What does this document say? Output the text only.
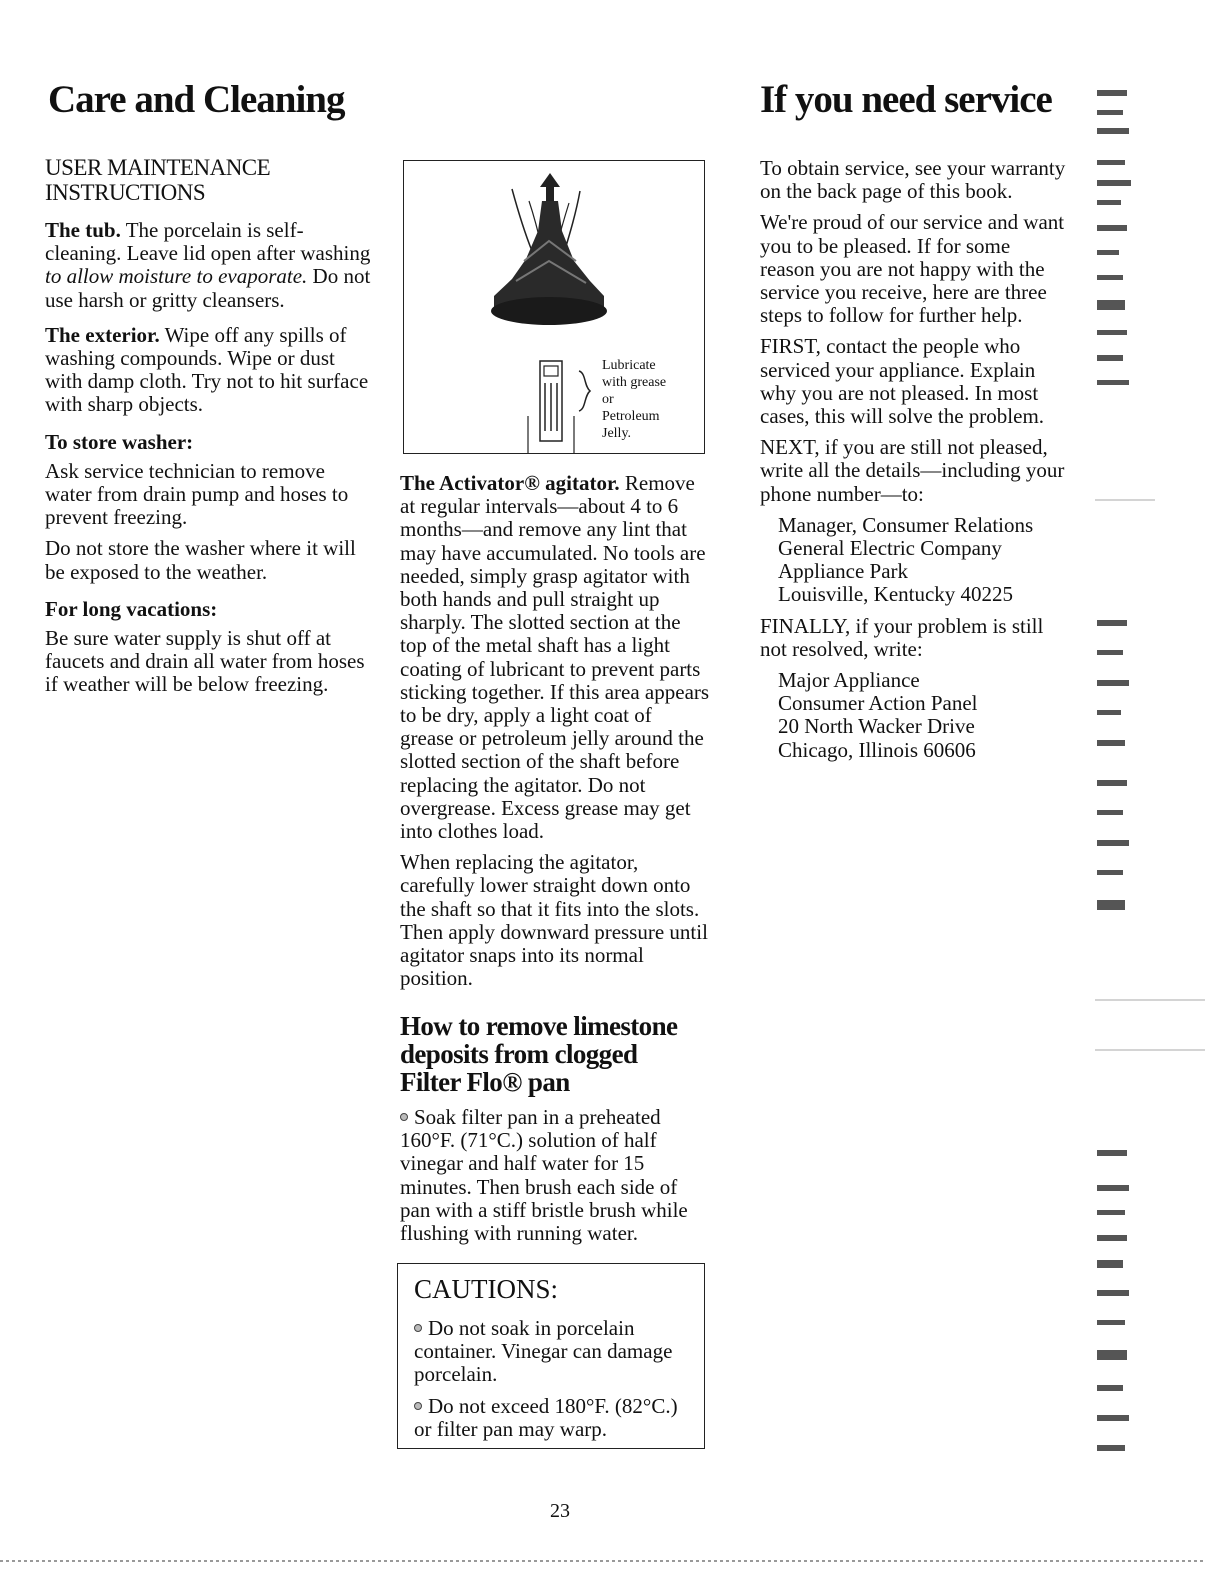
Care and Cleaning	If you need service
USER MAINTENANCE
INSTRUCTIONS

The tub. The porcelain is self-cleaning. Leave lid open after washing to allow moisture to evaporate. Do not use harsh or gritty cleansers.

The exterior. Wipe off any spills of washing compounds. Wipe or dust with damp cloth. Try not to hit surface with sharp objects.

To store washer:

Ask service technician to remove water from drain pump and hoses to prevent freezing.

Do not store the washer where it will be exposed to the weather.

For long vacations:

Be sure water supply is shut off at faucets and drain all water from hoses if weather will be below freezing.

Lubricate
with grease
or
Petroleum
Jelly.

The Activator® agitator. Remove at regular intervals—about 4 to 6 months—and remove any lint that may have accumulated. No tools are needed, simply grasp agitator with both hands and pull straight up sharply. The slotted section at the top of the metal shaft has a light coating of lubricant to prevent parts sticking together. If this area appears to be dry, apply a light coat of grease or petroleum jelly around the slotted section of the shaft before replacing the agitator. Do not overgrease. Excess grease may get into clothes load.

When replacing the agitator, carefully lower straight down onto the shaft so that it fits into the slots. Then apply downward pressure until agitator snaps into its normal position.

How to remove limestone
deposits from clogged
Filter Flo® pan

Soak filter pan in a preheated 160°F. (71°C.) solution of half vinegar and half water for 15 minutes. Then brush each side of pan with a stiff bristle brush while flushing with running water.

CAUTIONS:

Do not soak in porcelain container. Vinegar can damage porcelain.

Do not exceed 180°F. (82°C.) or filter pan may warp.

To obtain service, see your warranty on the back page of this book.

We're proud of our service and want you to be pleased. If for some reason you are not happy with the service you receive, here are three steps to follow for further help.

FIRST, contact the people who serviced your appliance. Explain why you are not pleased. In most cases, this will solve the problem.

NEXT, if you are still not pleased, write all the details—including your phone number—to:

Manager, Consumer Relations
General Electric Company
Appliance Park
Louisville, Kentucky 40225

FINALLY, if your problem is still not resolved, write:

Major Appliance
Consumer Action Panel
20 North Wacker Drive
Chicago, Illinois 60606
23
